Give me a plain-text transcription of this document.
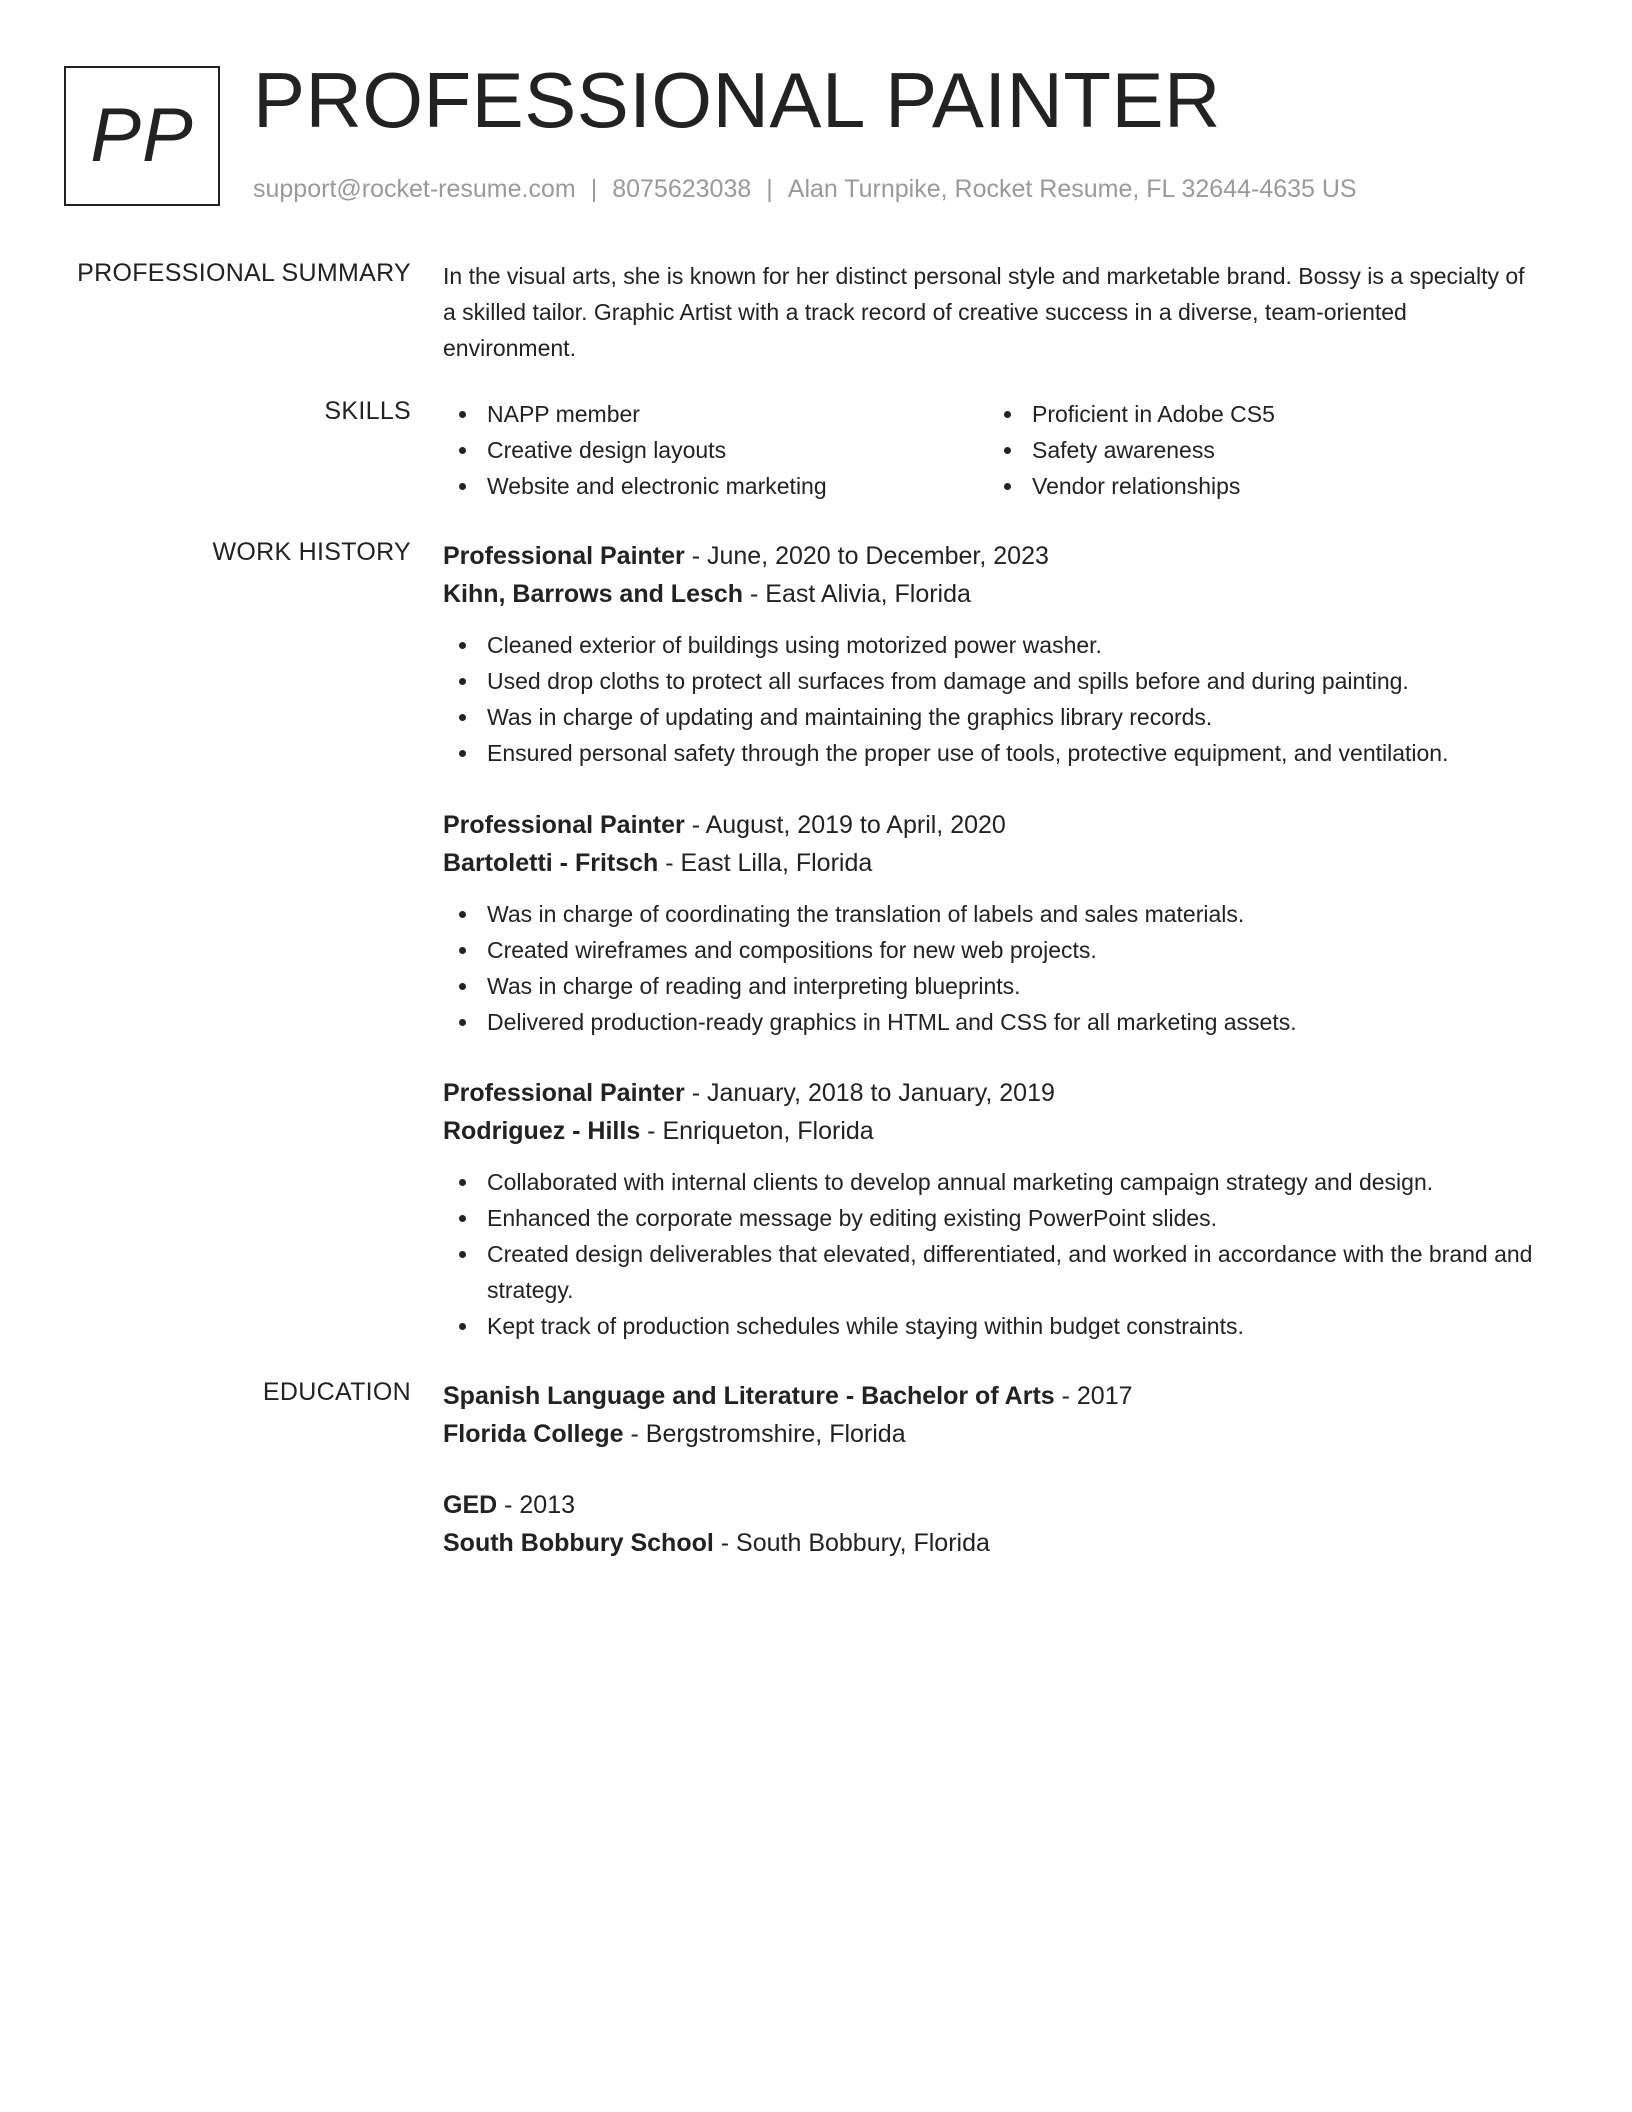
PP PROFESSIONAL PAINTER
support@rocket-resume.com | 8075623038 | Alan Turnpike, Rocket Resume, FL 32644-4635 US
PROFESSIONAL SUMMARY In the visual arts, she is known for her distinct personal style and marketable brand. Bossy is a specialty of a skilled tailor. Graphic Artist with a track record of creative success in a diverse, team-oriented environment.

SKILLS	NAPP member
Creative design layouts
Website and electronic marketing
Proficient in Adobe CS5
Safety awareness
Vendor relationships
WORK HISTORY Professional Painter - June, 2020 to December, 2023

Kihn, Barrows and Lesch - East Alivia, Florida

Cleaned exterior of buildings using motorized power washer.
Used drop cloths to protect all surfaces from damage and spills before and during painting.
Was in charge of updating and maintaining the graphics library records.
Ensured personal safety through the proper use of tools, protective equipment, and ventilation.

Professional Painter - August, 2019 to April, 2020

Bartoletti - Fritsch - East Lilla, Florida

Was in charge of coordinating the translation of labels and sales materials.
Created wireframes and compositions for new web projects.
Was in charge of reading and interpreting blueprints.
Delivered production-ready graphics in HTML and CSS for all marketing assets.

Professional Painter - January, 2018 to January, 2019

Rodriguez - Hills - Enriqueton, Florida

Collaborated with internal clients to develop annual marketing campaign strategy and design.
Enhanced the corporate message by editing existing PowerPoint slides.
Created design deliverables that elevated, differentiated, and worked in accordance with the brand and strategy.
Kept track of production schedules while staying within budget constraints.
EDUCATION Spanish Language and Literature - Bachelor of Arts - 2017

Florida College - Bergstromshire, Florida

GED - 2013

South Bobbury School - South Bobbury, Florida
